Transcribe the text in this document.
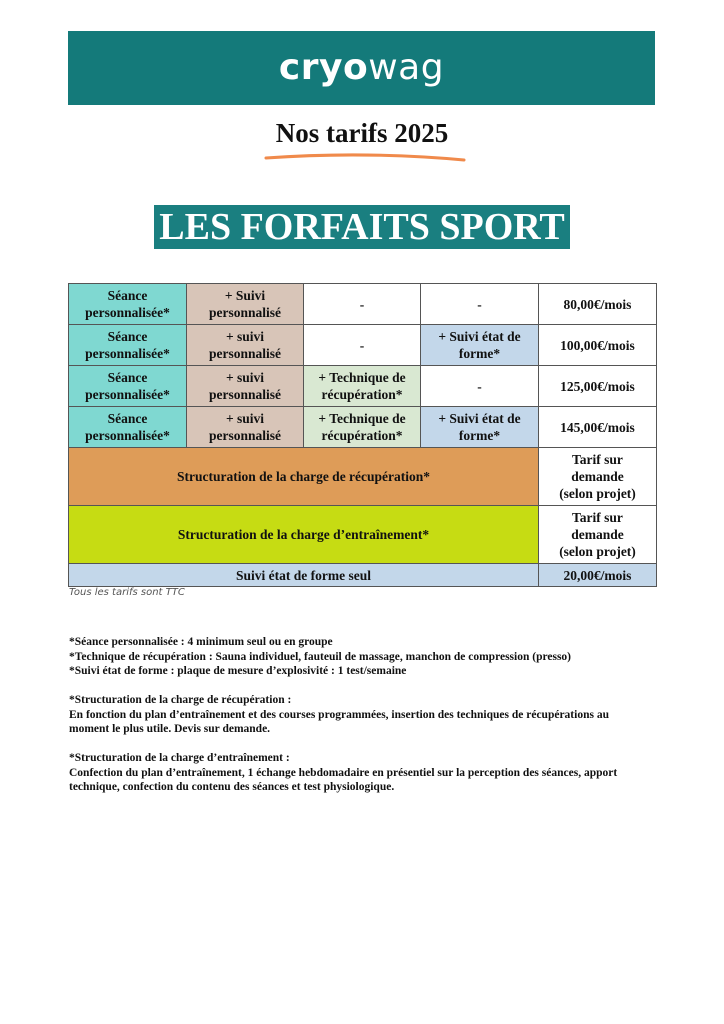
cryowag
Nos tarifs 2025
LES FORFAITS SPORT
Séance personnalisée*	+ Suivi personnalisé	-	-	80,00€/mois
Séance personnalisée*	+ suivi personnalisé	-	+ Suivi état de forme*	100,00€/mois
Séance personnalisée*	+ suivi personnalisé	+ Technique de récupération*	-	125,00€/mois
Séance personnalisée*	+ suivi personnalisé	+ Technique de récupération*	+ Suivi état de forme*	145,00€/mois
Structuration de la charge de récupération*				Tarif sur
demande
(selon projet)

Structuration de la charge d’entraînement*				Tarif sur
demande
(selon projet)

Suivi état de forme seul				20,00€/mois
Tous les tarifs sont TTC
*Séance personnalisée : 4 minimum seul ou en groupe
*Technique de récupération : Sauna individuel, fauteuil de massage, manchon de compression (presso)
*Suivi état de forme : plaque de mesure d’explosivité : 1 test/semaine
*Structuration de la charge de récupération :
En fonction du plan d’entraînement et des courses programmées, insertion des techniques de récupérations au
moment le plus utile. Devis sur demande.
*Structuration de la charge d’entraînement :
Confection du plan d’entraînement, 1 échange hebdomadaire en présentiel sur la perception des séances, apport
technique, confection du contenu des séances et test physiologique.
